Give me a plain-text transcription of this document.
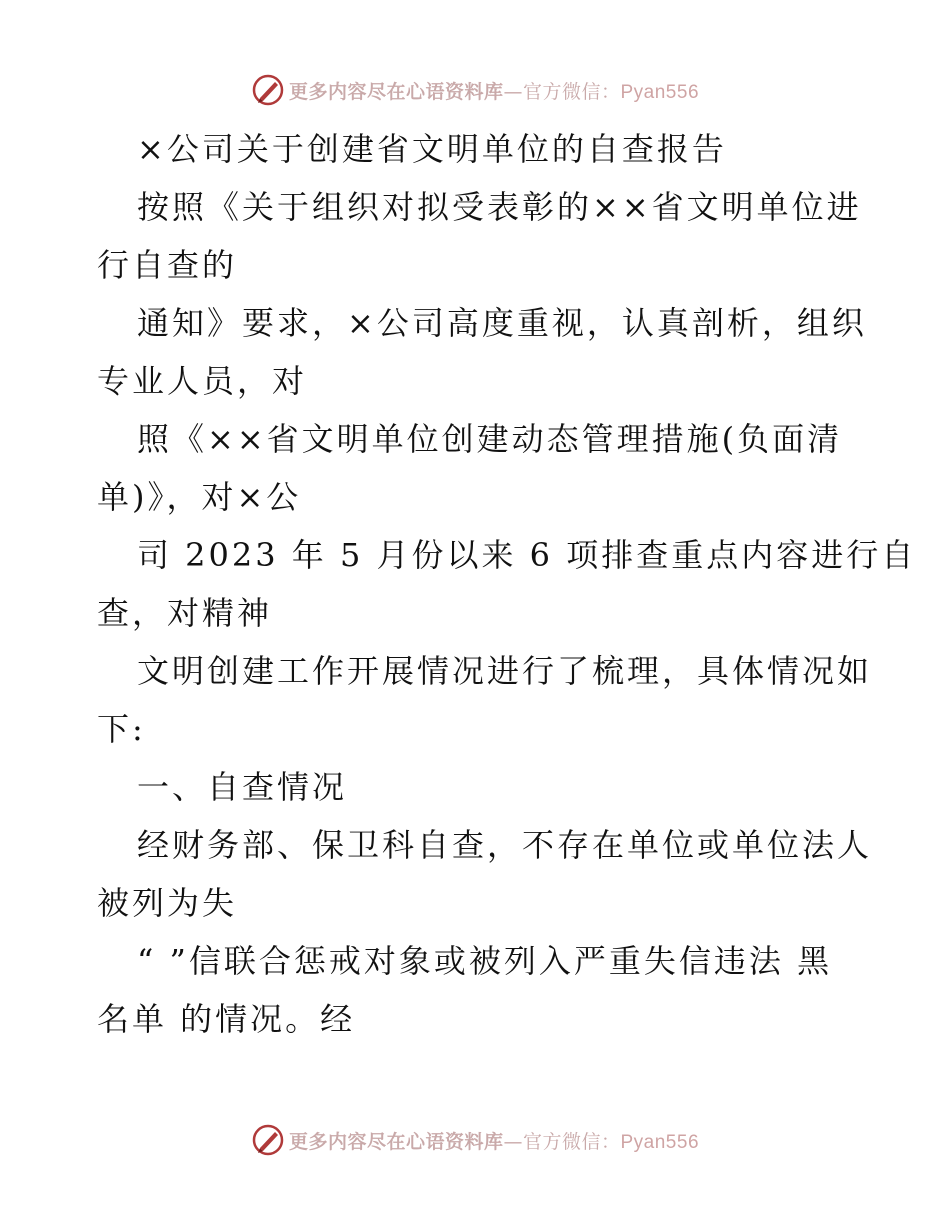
更多内容尽在心语资料库—官方微信：Pyan556
×公司关于创建省文明单位的自查报告
按照《关于组织对拟受表彰的××省文明单位进
行自查的
通知》要求，×公司高度重视，认真剖析，组织
专业人员，对
照《××省文明单位创建动态管理措施(负面清
单)》，对×公
司 2023 年 5 月份以来 6 项排查重点内容进行自
查，对精神
文明创建工作开展情况进行了梳理，具体情况如
下:
一、自查情况
经财务部、保卫科自查，不存在单位或单位法人
被列为失
“ ”信联合惩戒对象或被列入严重失信违法 黑
名单 的情况。经
更多内容尽在心语资料库—官方微信：Pyan556
